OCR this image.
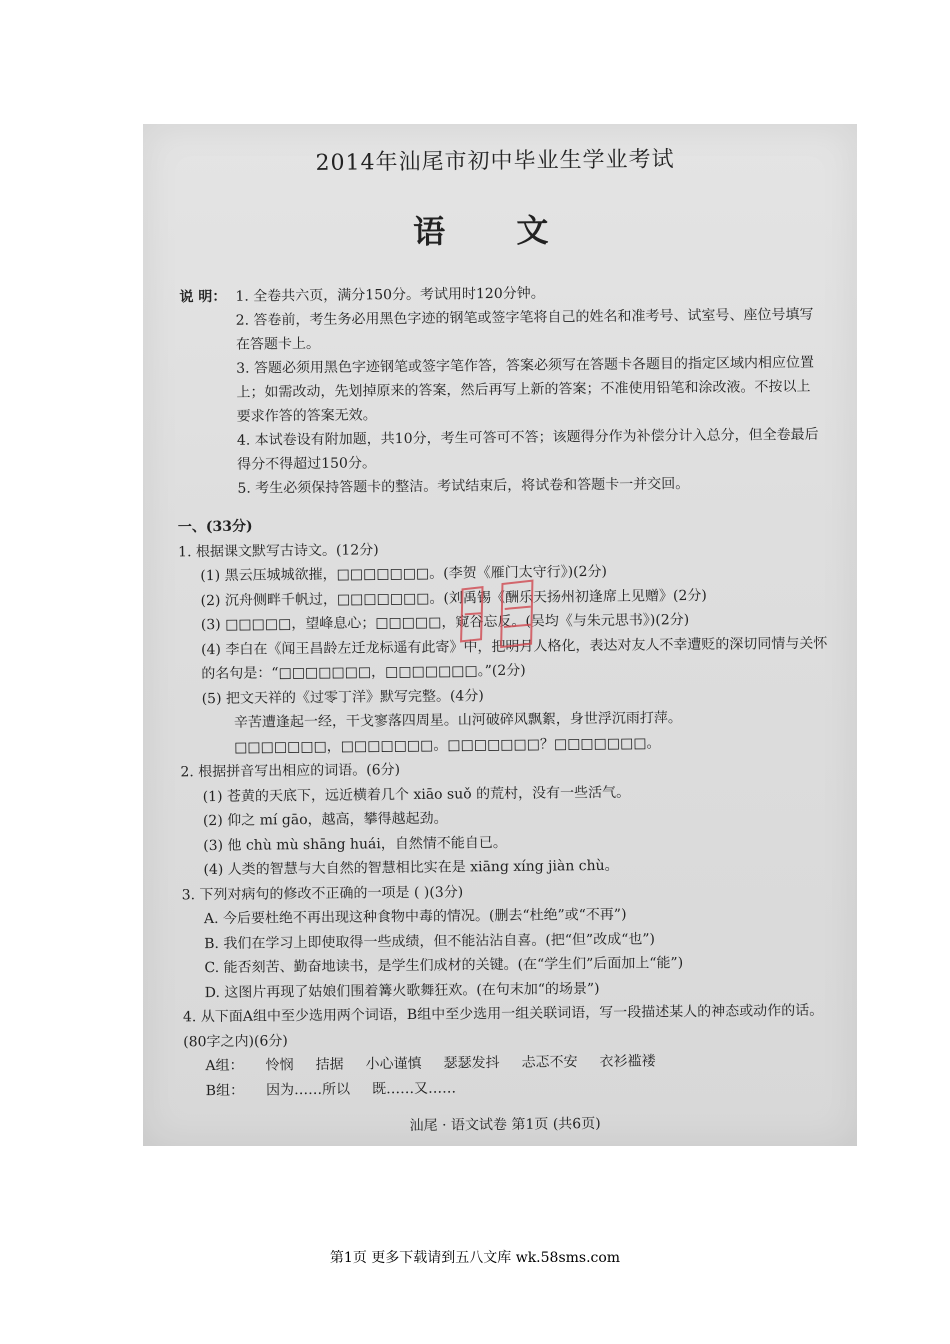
2014年汕尾市初中毕业生学业考试
语 文
说 明： 1. 全卷共六页，满分150分。考试用时120分钟。
2. 答卷前，考生务必用黑色字迹的钢笔或签字笔将自己的姓名和准考号、试室号、座位号填写在答题卡上。
3. 答题必须用黑色字迹钢笔或签字笔作答，答案必须写在答题卡各题目的指定区域内相应位置上；如需改动，先划掉原来的答案，然后再写上新的答案；不准使用铅笔和涂改液。不按以上要求作答的答案无效。
4. 本试卷设有附加题，共10分，考生可答可不答；该题得分作为补偿分计入总分，但全卷最后得分不得超过150分。
5. 考生必须保持答题卡的整洁。考试结束后，将试卷和答题卡一并交回。
一、(33分)
1. 根据课文默写古诗文。(12分)
(1) 黑云压城城欲摧，□□□□□□□。(李贺《雁门太守行》)(2分)
(2) 沉舟侧畔千帆过，□□□□□□□。(刘禹锡《酬乐天扬州初逢席上见赠》(2分)
(3) □□□□□，望峰息心；□□□□□，窥谷忘反。(吴均《与朱元思书》)(2分)
(4) 李白在《闻王昌龄左迁龙标遥有此寄》中，把明月人格化，表达对友人不幸遭贬的深切同情与关怀的名句是：“□□□□□□□，□□□□□□□。”(2分)
(5) 把文天祥的《过零丁洋》默写完整。(4分)
辛苦遭逢起一经，干戈寥落四周星。山河破碎风飘絮，身世浮沉雨打萍。
□□□□□□□，□□□□□□□。□□□□□□□？□□□□□□□。
2. 根据拼音写出相应的词语。(6分)
(1) 苍黄的天底下，远近横着几个 xiāo suǒ 的荒村，没有一些活气。
(2) 仰之 mí gāo，越高，攀得越起劲。
(3) 他 chù mù shāng huái，自然情不能自已。
(4) 人类的智慧与大自然的智慧相比实在是 xiāng xíng jiàn chù。
3. 下列对病句的修改不正确的一项是 ( )(3分)
A. 今后要杜绝不再出现这种食物中毒的情况。(删去“杜绝”或“不再”)
B. 我们在学习上即使取得一些成绩，但不能沾沾自喜。(把“但”改成“也”)
C. 能否刻苦、勤奋地读书，是学生们成材的关键。(在“学生们”后面加上“能”)
D. 这图片再现了姑娘们围着篝火歌舞狂欢。(在句末加“的场景”)
4. 从下面A组中至少选用两个词语，B组中至少选用一组关联词语，写一段描述某人的神态或动作的话。(80字之内)(6分)
A组： 怜悯 拮据 小心谨慎 瑟瑟发抖 忐忑不安 衣衫褴褛
B组： 因为……所以 既……又……
汕尾 · 语文试卷 第1页 (共6页)
第1页 更多下载请到五八文库 wk.58sms.com
